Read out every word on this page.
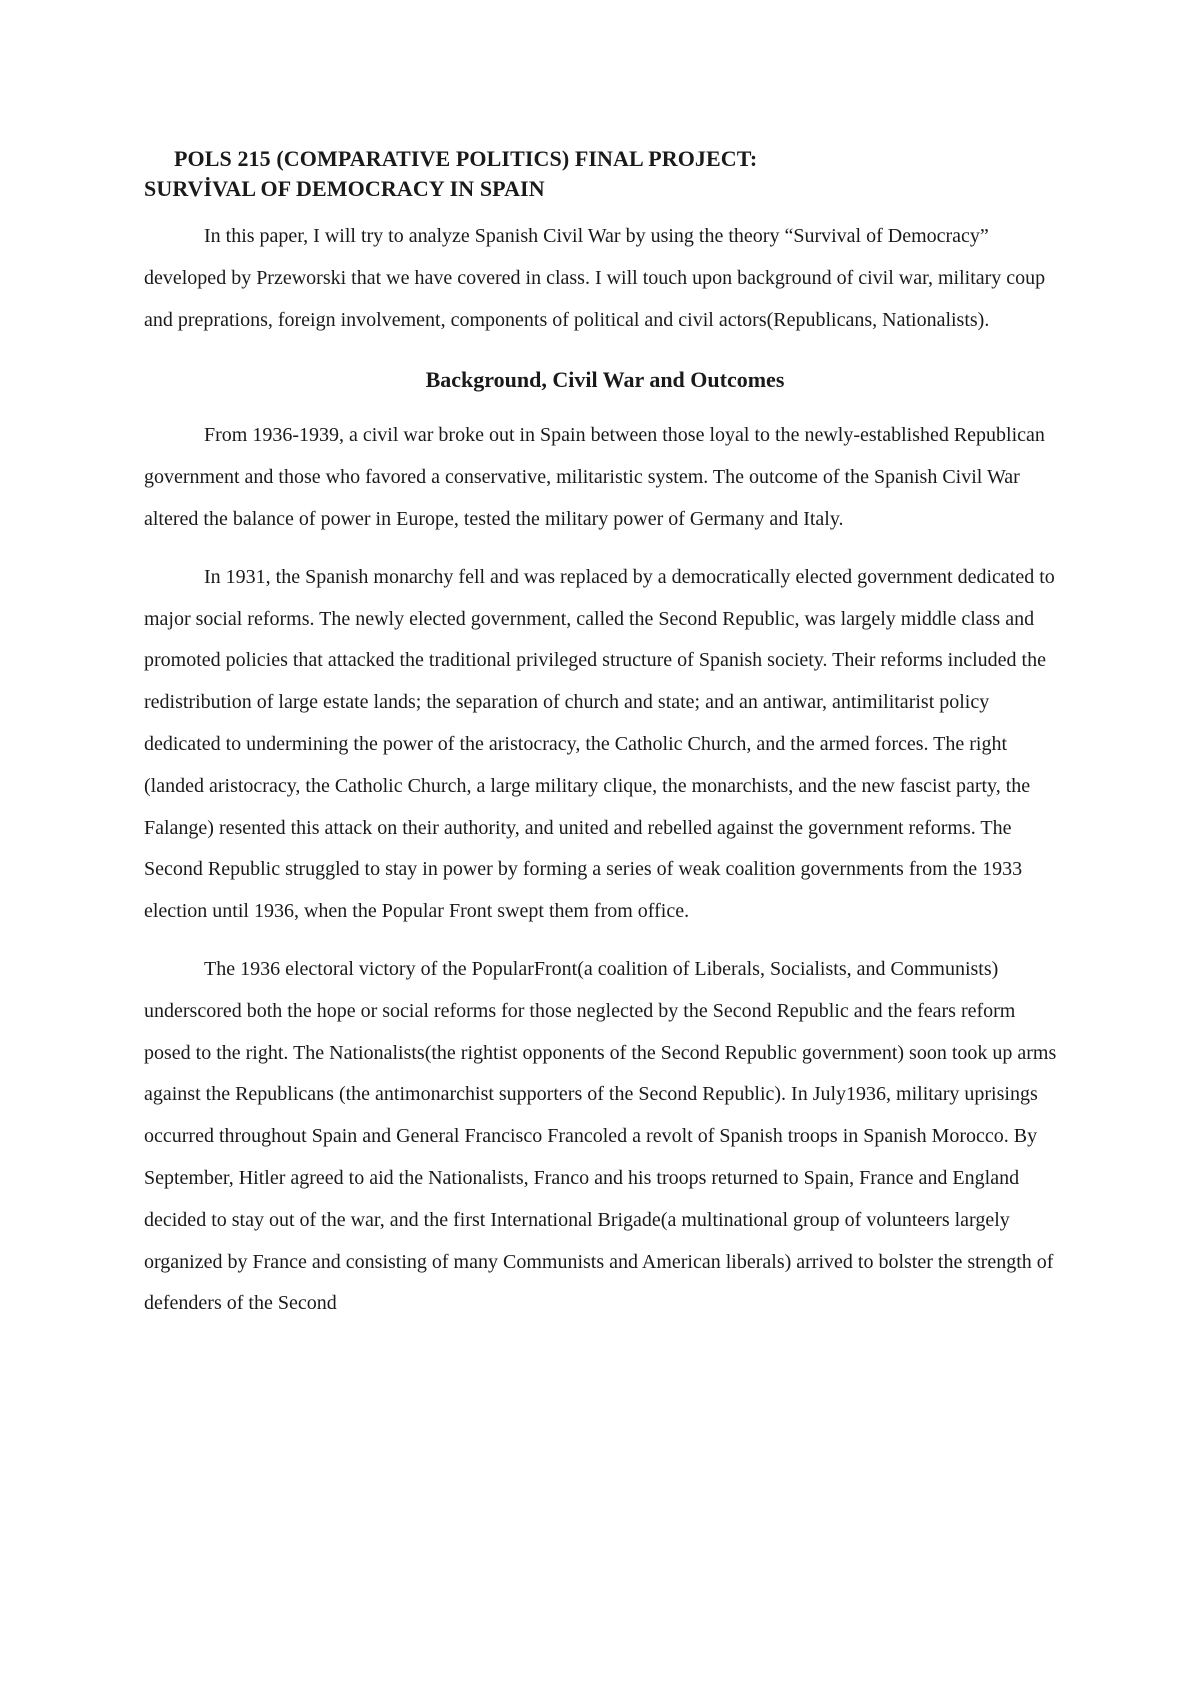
POLS 215 (COMPARATIVE POLITICS) FINAL PROJECT:
SURVİVAL OF DEMOCRACY IN SPAIN

In this paper, I will try to analyze Spanish Civil War by using the theory “Survival of Democracy” developed by Przeworski that we have covered in class. I will touch upon background of civil war, military coup and preprations, foreign involvement, components of political and civil actors(Republicans, Nationalists).

Background, Civil War and Outcomes

From 1936-1939, a civil war broke out in Spain between those loyal to the newly-established Republican government and those who favored a conservative, militaristic system. The outcome of the Spanish Civil War altered the balance of power in Europe, tested the military power of Germany and Italy.

In 1931, the Spanish monarchy fell and was replaced by a democratically elected government dedicated to major social reforms. The newly elected government, called the Second Republic, was largely middle class and promoted policies that attacked the traditional privileged structure of Spanish society. Their reforms included the redistribution of large estate lands; the separation of church and state; and an antiwar, antimilitarist policy dedicated to undermining the power of the aristocracy, the Catholic Church, and the armed forces. The right (landed aristocracy, the Catholic Church, a large military clique, the monarchists, and the new fascist party, the Falange) resented this attack on their authority, and united and rebelled against the government reforms. The Second Republic struggled to stay in power by forming a series of weak coalition governments from the 1933 election until 1936, when the Popular Front swept them from office.

The 1936 electoral victory of the PopularFront(a coalition of Liberals, Socialists, and Communists) underscored both the hope or social reforms for those neglected by the Second Republic and the fears reform posed to the right. The Nationalists(the rightist opponents of the Second Republic government) soon took up arms against the Republicans (the antimonarchist supporters of the Second Republic). In July1936, military uprisings occurred throughout Spain and General Francisco Francoled a revolt of Spanish troops in Spanish Morocco. By September, Hitler agreed to aid the Nationalists, Franco and his troops returned to Spain, France and England decided to stay out of the war, and the first International Brigade(a multinational group of volunteers largely organized by France and consisting of many Communists and American liberals) arrived to bolster the strength of defenders of the Second
